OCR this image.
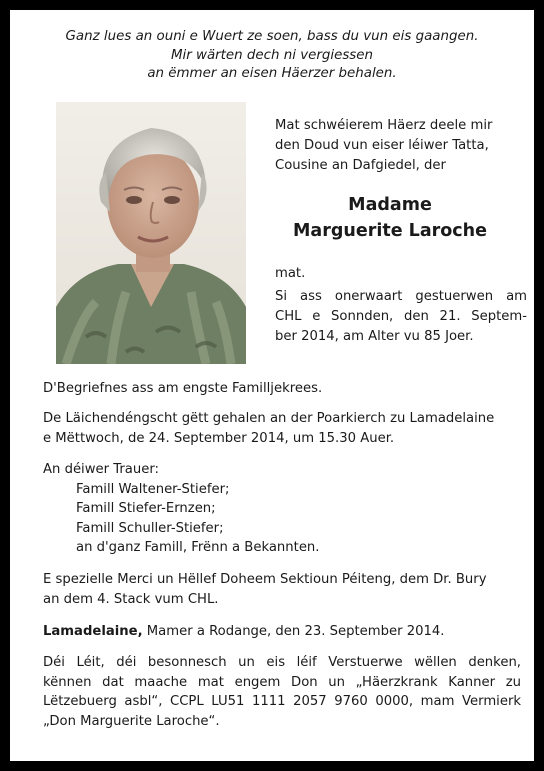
Ganz lues an ouni e Wuert ze soen, bass du vun eis gaangen.
Mir wärten dech ni vergiessen
an ëmmer an eisen Häerzer behalen.
Mat schwéierem Häerz deele mir
den Doud vun eiser léiwer Tatta,
Cousine an Dafgiedel, der
Madame
Marguerite Laroche
mat.
Si ass onerwaart gestuerwen am
CHL e Sonnden, den 21. Septem-
ber 2014, am Alter vu 85 Joer.
D'Begriefnes ass am engste Familljekrees.
De Läichendéngscht gëtt gehalen an der Poarkierch zu Lamadelaine
e Mëttwoch, de 24. September 2014, um 15.30 Auer.
An déiwer Trauer:
Famill Waltener-Stiefer;
Famill Stiefer-Ernzen;
Famill Schuller-Stiefer;
an d'ganz Famill, Frënn a Bekannten.
E spezielle Merci un Hëllef Doheem Sektioun Péiteng, dem Dr. Bury
an dem 4. Stack vum CHL.
Lamadelaine, Mamer a Rodange, den 23. September 2014.
Déi Léit, déi besonnesch un eis léif Verstuerwe wëllen denken,
kënnen dat maache mat engem Don un „Häerzkrank Kanner zu
Lëtzebuerg asbl“, CCPL LU51 1111 2057 9760 0000, mam Vermierk
„Don Marguerite Laroche“.
